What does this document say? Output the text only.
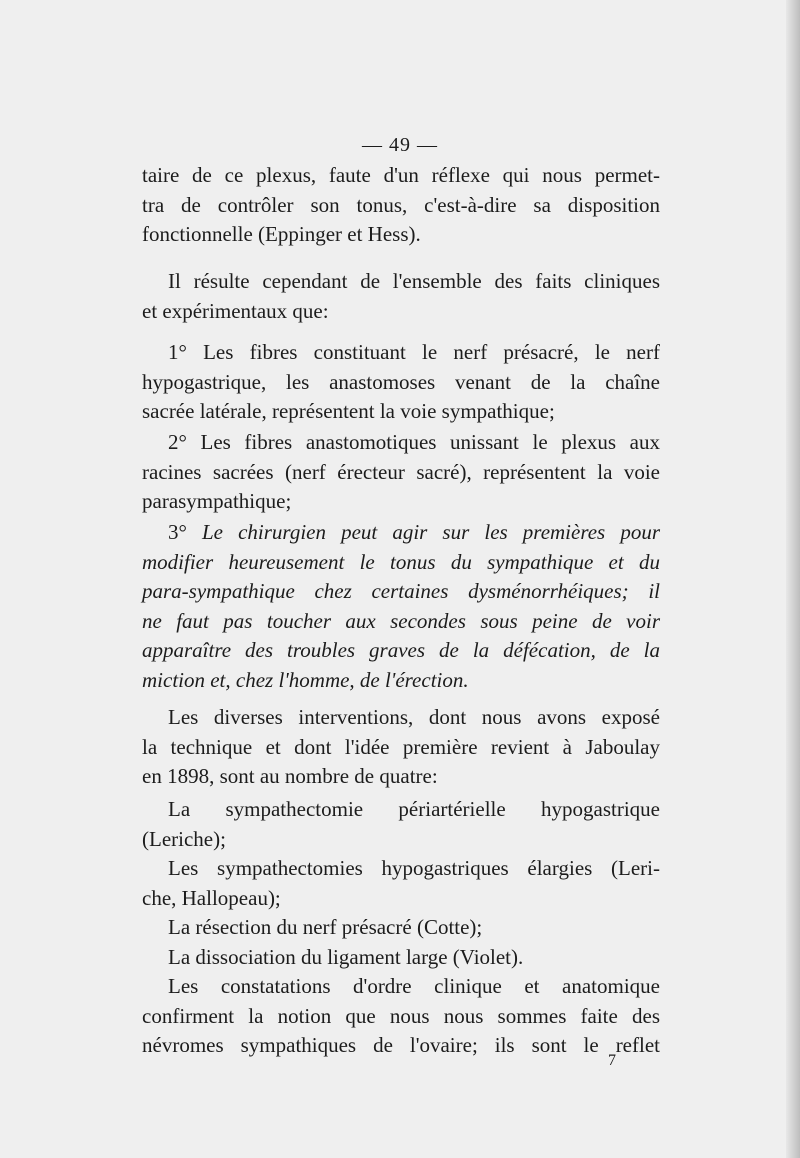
— 49 —
taire de ce plexus, faute d'un réflexe qui nous permet-
tra de contrôler son tonus, c'est-à-dire sa disposition
fonctionnelle (Eppinger et Hess).
Il résulte cependant de l'ensemble des faits cliniques
et expérimentaux que:
1° Les fibres constituant le nerf présacré, le nerf
hypogastrique, les anastomoses venant de la chaîne
sacrée latérale, représentent la voie sympathique;
2° Les fibres anastomotiques unissant le plexus aux
racines sacrées (nerf érecteur sacré), représentent la voie
parasympathique;
3° Le chirurgien peut agir sur les premières pour
modifier heureusement le tonus du sympathique et du
para-sympathique chez certaines dysménorrhéiques; il
ne faut pas toucher aux secondes sous peine de voir
apparaître des troubles graves de la défécation, de la
miction et, chez l'homme, de l'érection.
Les diverses interventions, dont nous avons exposé
la technique et dont l'idée première revient à Jaboulay
en 1898, sont au nombre de quatre:
La sympathectomie périartérielle hypogastrique
(Leriche);
Les sympathectomies hypogastriques élargies (Leri-
che, Hallopeau);
La résection du nerf présacré (Cotte);
La dissociation du ligament large (Violet).
Les constatations d'ordre clinique et anatomique
confirment la notion que nous nous sommes faite des
névromes sympathiques de l'ovaire; ils sont le reflet
7
